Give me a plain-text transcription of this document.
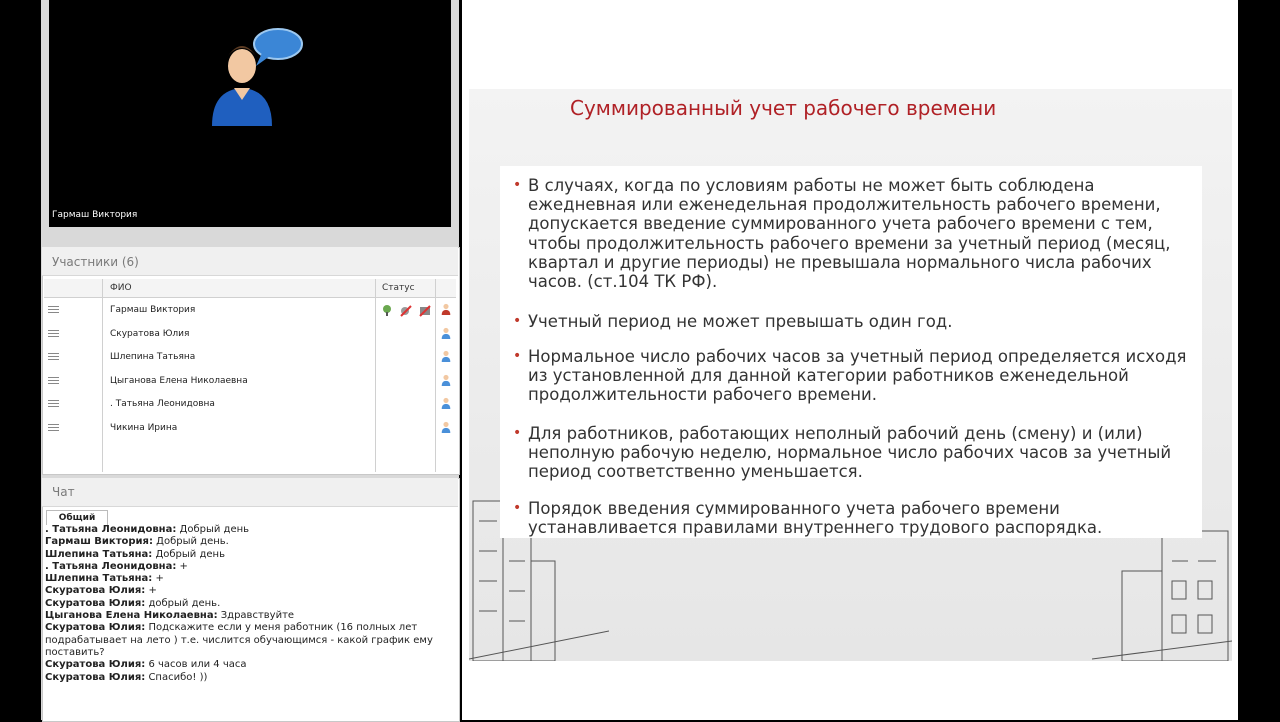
Гармаш Виктория
Участники (6)
ФИО	Статус
Гармаш Виктория
Скуратова Юлия
Шлепина Татьяна
Цыганова Елена Николаевна
. Татьяна Леонидовна
Чикина Ирина
Чат
Общий
. Татьяна Леонидовна: Добрый день
Гармаш Виктория: Добрый день.
Шлепина Татьяна: Добрый день
. Татьяна Леонидовна: +
Шлепина Татьяна: +
Скуратова Юлия: +
Скуратова Юлия: добрый день.
Цыганова Елена Николаевна: Здравствуйте
Скуратова Юлия: Подскажите если у меня работник (16 полных лет подрабатывает на лето ) т.е. числится обучающимся - какой график ему поставить?
Скуратова Юлия: 6 часов или 4 часа
Скуратова Юлия: Спасибо! ))
Суммированный учет рабочего времени
• В случаях, когда по условиям работы не может быть соблюдена ежедневная или еженедельная продолжительность рабочего времени, допускается введение суммированного учета рабочего времени с тем, чтобы продолжительность рабочего времени за учетный период (месяц, квартал и другие периоды) не превышала нормального числа рабочих часов. (ст.104 ТК РФ).
• Учетный период не может превышать один год.
• Нормальное число рабочих часов за учетный период определяется исходя из установленной для данной категории работников еженедельной продолжительности рабочего времени.
• Для работников, работающих неполный рабочий день (смену) и (или) неполную рабочую неделю, нормальное число рабочих часов за учетный период соответственно уменьшается.
• Порядок введения суммированного учета рабочего времени устанавливается правилами внутреннего трудового распорядка.
